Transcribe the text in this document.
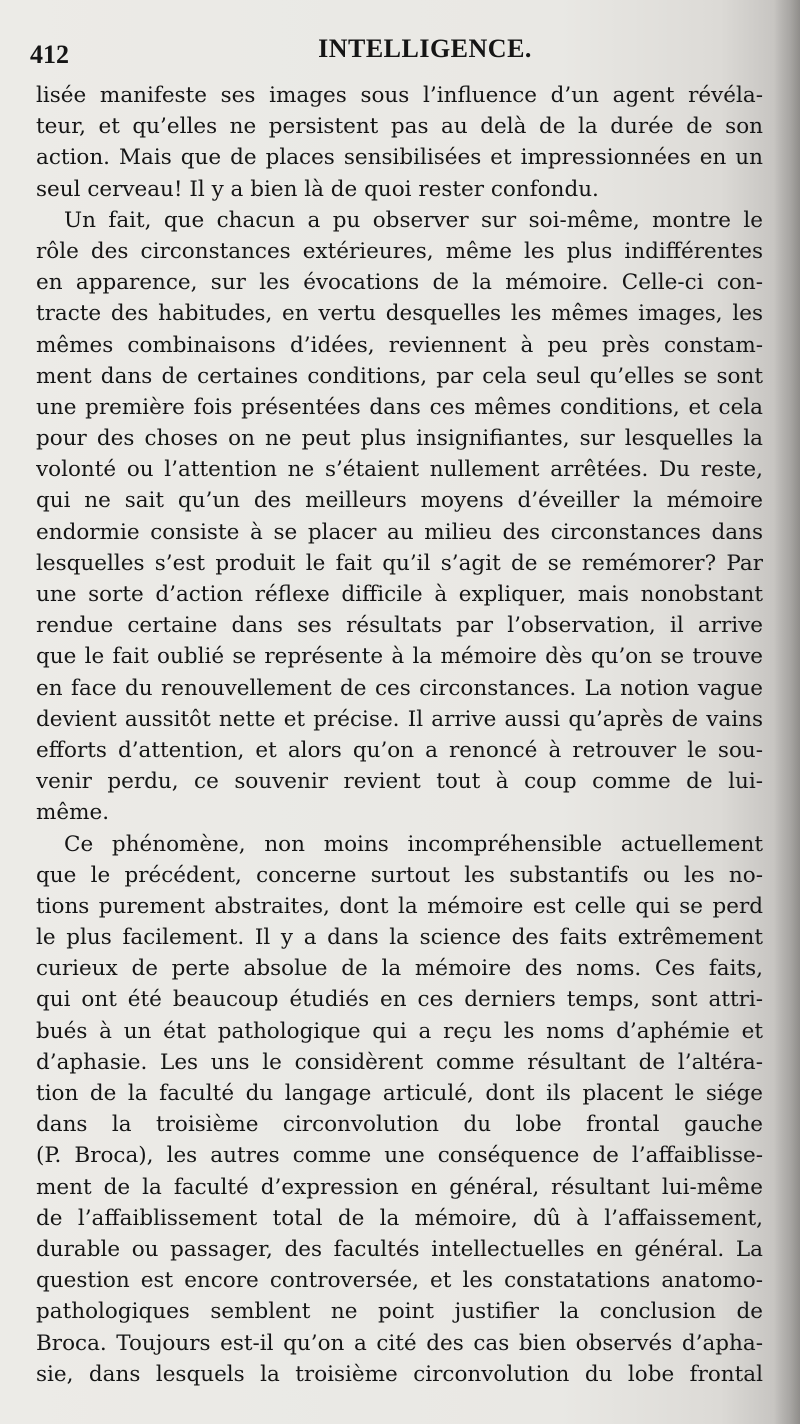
412	INTELLIGENCE.
lisée manifeste ses images sous l’influence d’un agent révéla-
teur, et qu’elles ne persistent pas au delà de la durée de son
action. Mais que de places sensibilisées et impressionnées en un
seul cerveau! Il y a bien là de quoi rester confondu.
Un fait, que chacun a pu observer sur soi-même, montre le
rôle des circonstances extérieures, même les plus indifférentes
en apparence, sur les évocations de la mémoire. Celle-ci con-
tracte des habitudes, en vertu desquelles les mêmes images, les
mêmes combinaisons d’idées, reviennent à peu près constam-
ment dans de certaines conditions, par cela seul qu’elles se sont
une première fois présentées dans ces mêmes conditions, et cela
pour des choses on ne peut plus insignifiantes, sur lesquelles la
volonté ou l’attention ne s’étaient nullement arrêtées. Du reste,
qui ne sait qu’un des meilleurs moyens d’éveiller la mémoire
endormie consiste à se placer au milieu des circonstances dans
lesquelles s’est produit le fait qu’il s’agit de se remémorer? Par
une sorte d’action réflexe difficile à expliquer, mais nonobstant
rendue certaine dans ses résultats par l’observation, il arrive
que le fait oublié se représente à la mémoire dès qu’on se trouve
en face du renouvellement de ces circonstances. La notion vague
devient aussitôt nette et précise. Il arrive aussi qu’après de vains
efforts d’attention, et alors qu’on a renoncé à retrouver le sou-
venir perdu, ce souvenir revient tout à coup comme de lui-
même.
Ce phénomène, non moins incompréhensible actuellement
que le précédent, concerne surtout les substantifs ou les no-
tions purement abstraites, dont la mémoire est celle qui se perd
le plus facilement. Il y a dans la science des faits extrêmement
curieux de perte absolue de la mémoire des noms. Ces faits,
qui ont été beaucoup étudiés en ces derniers temps, sont attri-
bués à un état pathologique qui a reçu les noms d’aphémie et
d’aphasie. Les uns le considèrent comme résultant de l’altéra-
tion de la faculté du langage articulé, dont ils placent le siége
dans la troisième circonvolution du lobe frontal gauche
(P. Broca), les autres comme une conséquence de l’affaiblisse-
ment de la faculté d’expression en général, résultant lui-même
de l’affaiblissement total de la mémoire, dû à l’affaissement,
durable ou passager, des facultés intellectuelles en général. La
question est encore controversée, et les constatations anatomo-
pathologiques semblent ne point justifier la conclusion de
Broca. Toujours est-il qu’on a cité des cas bien observés d’apha-
sie, dans lesquels la troisième circonvolution du lobe frontal
